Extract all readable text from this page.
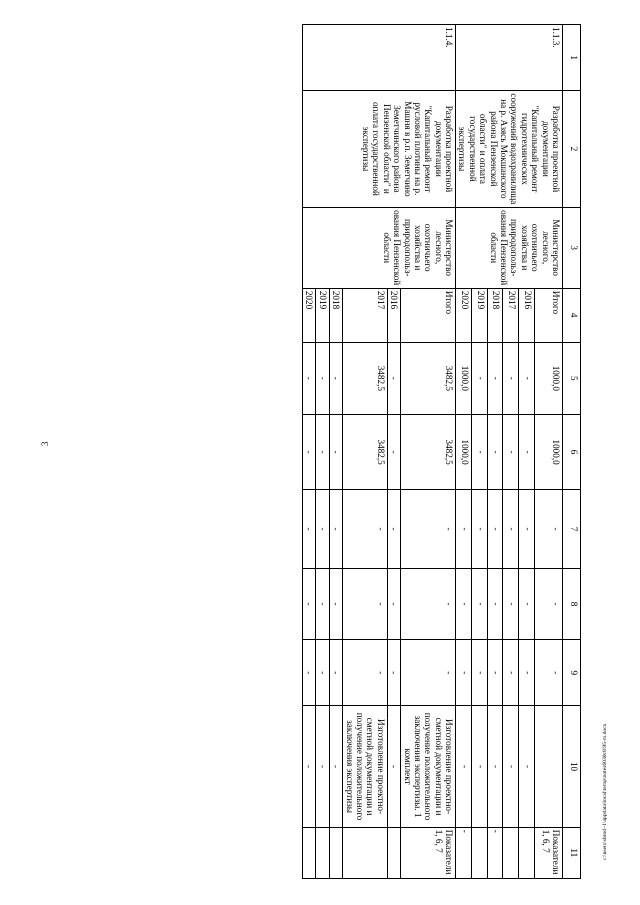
3
1	2	3	4	5	6	7	8	9	10	11
1.1.3.	Разработка проектной документации "Капитальный ремонт гидротехнических сооружений водохранилища на р. Азясь Мокшанского района Пензенской области" и оплата государственной экспертизы	Министерство лесного, охотничьего хозяйства и природопользования Пензенской области	Итого	1000,0	1000,0	-	-	-		Показатели 1, 6, 7
			2016	-	-	-	-	-	-	
			2017	-	-	-	-	-	-	
			2018	-	-	-	-	-	-	-
			2019	-	-	-	-	-	-	
			2020	1000,0	1000,0	-	-	-	-	-
1.1.4.	Разработка проектной документации "Капитальный ремонт русловой плотины на р. Машня в р.п. Земетчино Земетчинского района Пензенской области" и оплата государственной экспертизы	Министерство лесного, охотничьего хозяйства и природопользования Пензенской области	Итого	3482,5	3482,5	-	-	-	Изготовление проектно-сметной документации и получение положительного заключения экспертизы. 1 комплект	Показатели 1, 6, 7
			2016	-	-	-	-	-	-	
			2017	3482,5	3482,5	-	-	-	Изготовление проектно-сметной документации и получение положительного заключения экспертизы	
			2018	-	-	-	-	-	-	
			2019	-	-	-	-	-	-	
			2020	-	-	-	-	-	-		c:\users\sbrod~1\appdata\local\temp\notes6030c8\95-m.docx
